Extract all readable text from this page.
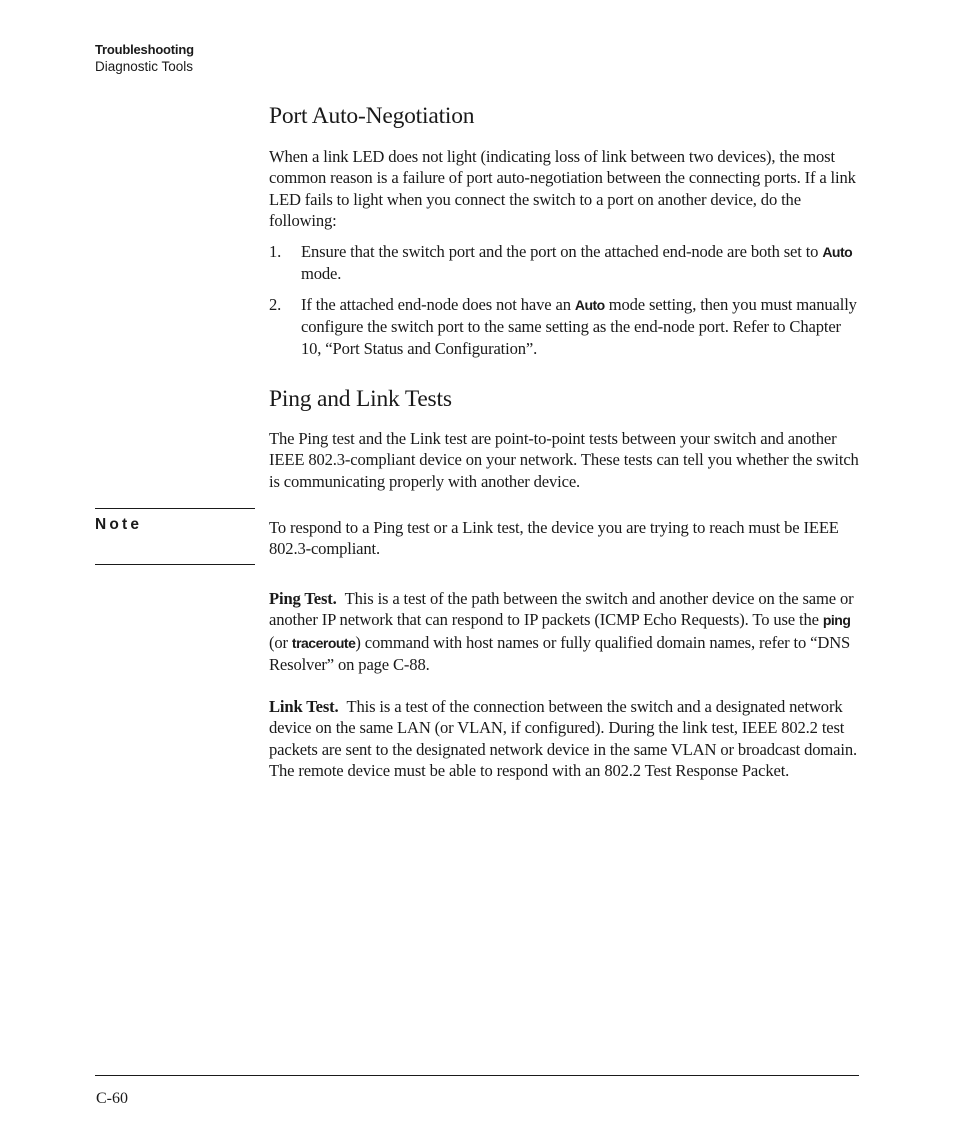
Troubleshooting
Diagnostic Tools
Port Auto-Negotiation

When a link LED does not light (indicating loss of link between two devices), the most common reason is a failure of port auto-negotiation between the connecting ports. If a link LED fails to light when you connect the switch to a port on another device, do the following:

1. Ensure that the switch port and the port on the attached end-node are both set to Auto mode.
2. If the attached end-node does not have an Auto mode setting, then you must manually configure the switch port to the same setting as the end-node port. Refer to Chapter 10, “Port Status and Configuration”.
Ping and Link Tests

The Ping test and the Link test are point-to-point tests between your switch and another IEEE 802.3-compliant device on your network. These tests can tell you whether the switch is communicating properly with another device.

Note	To respond to a Ping test or a Link test, the device you are trying to reach must be IEEE 802.3-compliant.

Ping Test. This is a test of the path between the switch and another device on the same or another IP network that can respond to IP packets (ICMP Echo Requests). To use the ping (or traceroute) command with host names or fully qualified domain names, refer to “DNS Resolver” on page C-88.

Link Test. This is a test of the connection between the switch and a designated network device on the same LAN (or VLAN, if configured). During the link test, IEEE 802.2 test packets are sent to the designated network device in the same VLAN or broadcast domain. The remote device must be able to respond with an 802.2 Test Response Packet.

C-60
